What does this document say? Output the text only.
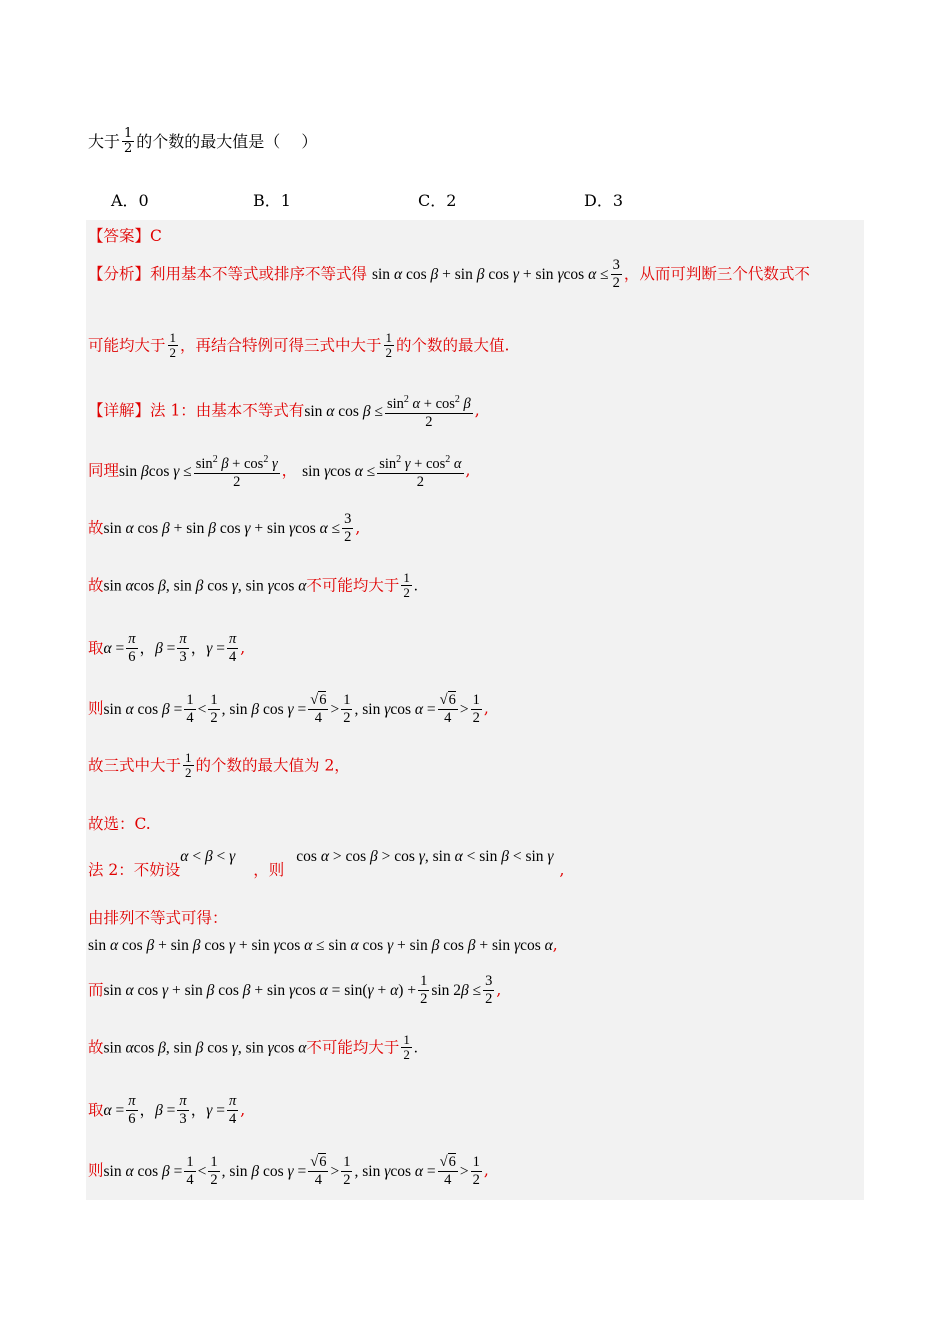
大于 $\frac{1}{2}$ 的个数的最大值是（　 ）
A．0	B．1	C．2	D．3
【答案】C
【分析】利用基本不等式或排序不等式得 sin α cos β + sin β cos γ + sin γcos $\alpha \le \frac{3}{2}$ ，从而可判断三个代数式不
可能均大于 $\frac{1}{2}$ ，再结合特例可得三式中大于 $\frac{1}{2}$ 的个数的最大值.
【详解】法 1：由基本不等式有sin α $\cos \beta \le \frac{\sin^2 \alpha + \cos^2 \beta}{2}$ ,
同理sin βcos $\gamma \le \frac{\sin^2 \beta + \cos^2 \gamma}{2}$ ， sin γcos $\alpha \le \frac{\sin^2 \gamma + \cos^2 \alpha}{2}$ ,
故sin α cos β + sin β cos γ + sin γcos $\alpha \le \frac{3}{2}$ ,
故sin αcos β, sin β cos γ, sin γcos α不可能均大于 $\frac{1}{2}$ .
取$\alpha = \frac{\pi}{6}$ ，$\beta = \frac{\pi}{3}$ ，$\gamma = \frac{\pi}{4}$ ,
则sin α $\cos \beta = \frac{1}{4} < \frac{1}{2}$ , sin β $\cos \gamma = \frac{√6}{4} > \frac{1}{2}$ , sin γcos $\alpha = \frac{√6}{4} > \frac{1}{2}$ ,
故三式中大于 $\frac{1}{2}$ 的个数的最大值为 2，
故选：C.
法 2：不妨设α < β < γ，则cos α > cos β > cos γ, sin α < sin β < sin γ,
由排列不等式可得：
sin α cos β + sin β cos γ + sin γcos α ≤ sin α cos γ + sin β cos β + sin γcos α,
而sin α cos γ + sin β cos β + sin γcos $\alpha = \sin(\gamma + \alpha) + \frac{1}{2}$ $\sin 2\beta \le \frac{3}{2}$ ,
故sin αcos β, sin β cos γ, sin γcos α不可能均大于 $\frac{1}{2}$ .
取$\alpha = \frac{\pi}{6}$ ，$\beta = \frac{\pi}{3}$ ，$\gamma = \frac{\pi}{4}$ ,
则sin α $\cos \beta = \frac{1}{4} < \frac{1}{2}$ , sin β $\cos \gamma = \frac{√6}{4} > \frac{1}{2}$ , sin γcos $\alpha = \frac{√6}{4} > \frac{1}{2}$ ,
